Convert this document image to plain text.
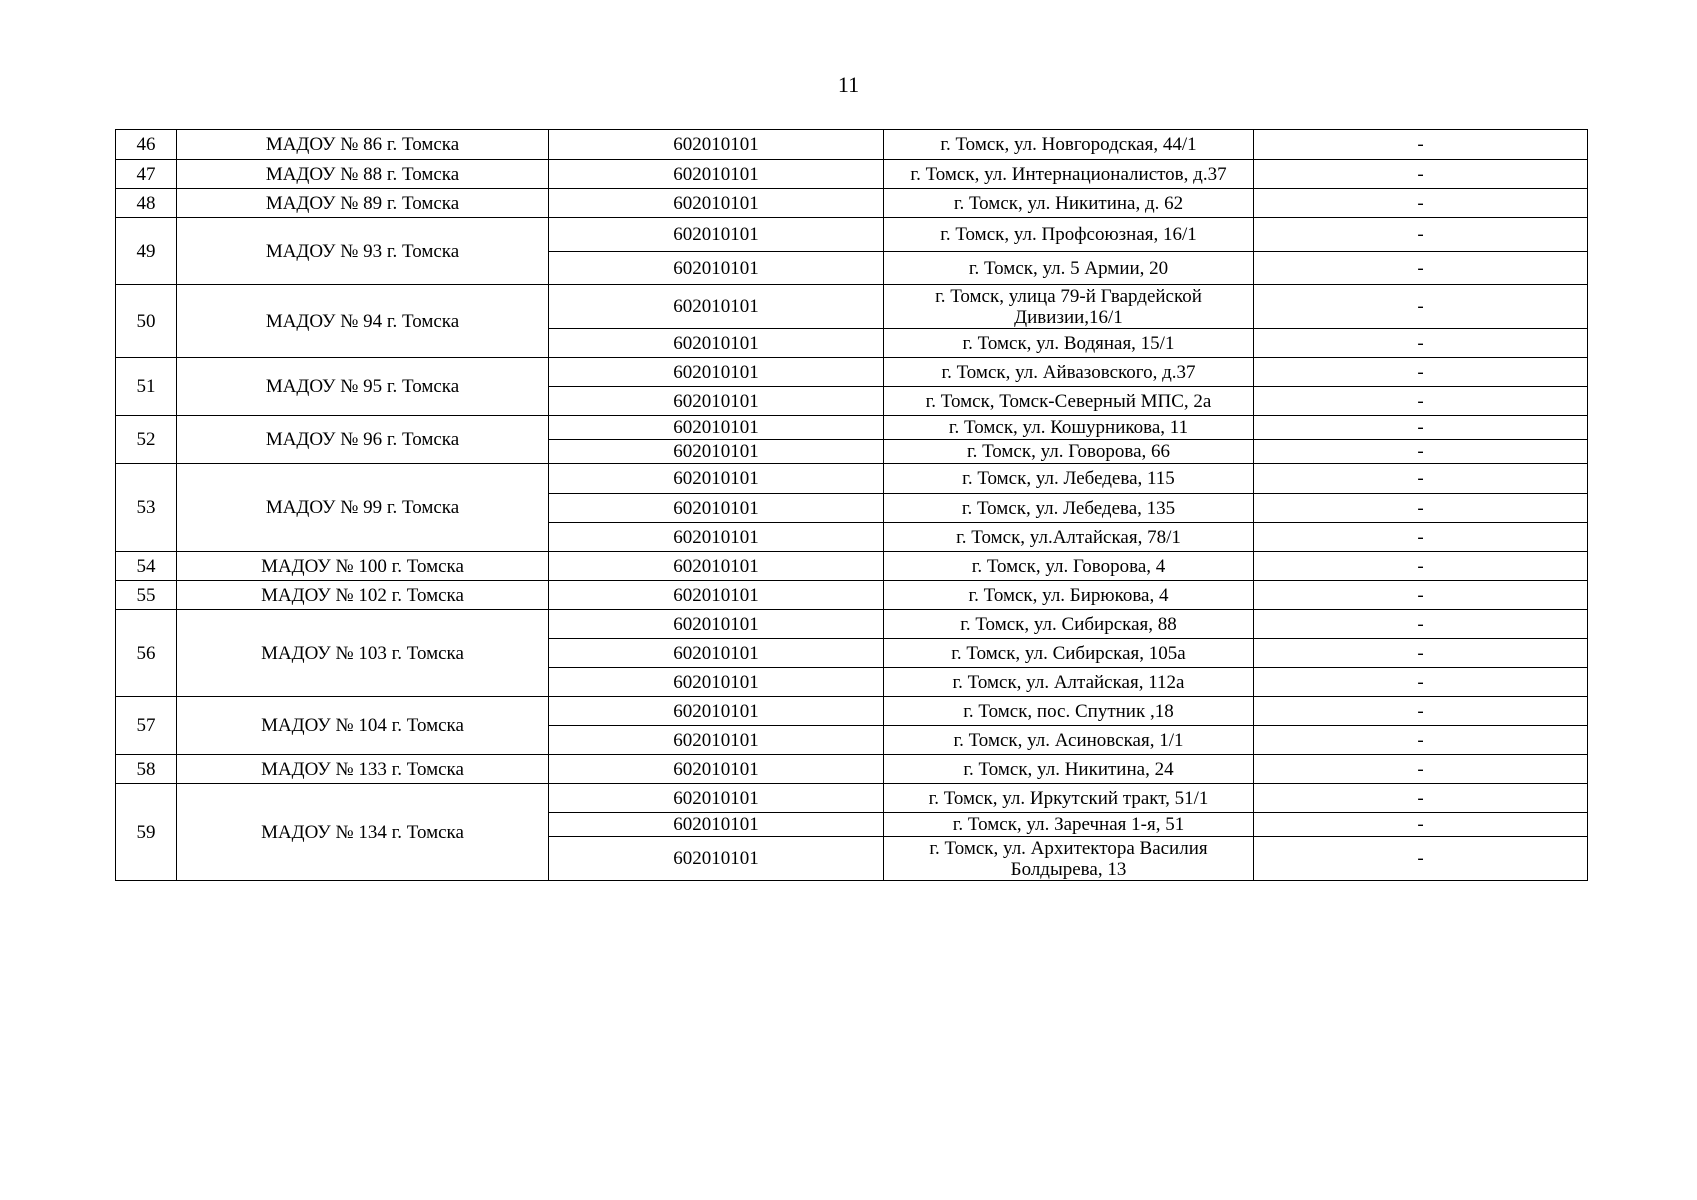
11
46	МАДОУ № 86 г. Томска	602010101	г. Томск, ул. Новгородская, 44/1	-
47	МАДОУ № 88 г. Томска	602010101	г. Томск, ул. Интернационалистов, д.37	-
48	МАДОУ № 89 г. Томска	602010101	г. Томск, ул. Никитина, д. 62	-
49	МАДОУ № 93 г. Томска	602010101	г. Томск, ул. Профсоюзная, 16/1	-
		602010101	г. Томск, ул. 5 Армии, 20	-
50	МАДОУ № 94 г. Томска	602010101	г. Томск, улица 79-й Гвардейской Дивизии,16/1	-
		602010101	г. Томск, ул. Водяная, 15/1	-
51	МАДОУ № 95 г. Томска	602010101	г. Томск, ул. Айвазовского, д.37	-
		602010101	г. Томск, Томск-Северный МПС, 2а	-
52	МАДОУ № 96 г. Томска	602010101	г. Томск, ул. Кошурникова, 11	-
		602010101	г. Томск, ул. Говорова, 66	-
53	МАДОУ № 99 г. Томска	602010101	г. Томск, ул. Лебедева, 115	-
		602010101	г. Томск, ул. Лебедева, 135	-
		602010101	г. Томск, ул.Алтайская, 78/1	-
54	МАДОУ № 100 г. Томска	602010101	г. Томск, ул. Говорова, 4	-
55	МАДОУ № 102 г. Томска	602010101	г. Томск, ул. Бирюкова, 4	-
56	МАДОУ № 103 г. Томска	602010101	г. Томск, ул. Сибирская, 88	-
		602010101	г. Томск, ул. Сибирская, 105а	-
		602010101	г. Томск, ул. Алтайская, 112а	-
57	МАДОУ № 104 г. Томска	602010101	г. Томск, пос. Спутник ,18	-
		602010101	г. Томск, ул. Асиновская, 1/1	-
58	МАДОУ № 133 г. Томска	602010101	г. Томск, ул. Никитина, 24	-
59	МАДОУ № 134 г. Томска	602010101	г. Томск, ул. Иркутский тракт, 51/1	-
		602010101	г. Томск, ул. Заречная 1-я, 51	-
		602010101	г. Томск, ул. Архитектора Василия Болдырева, 13	-
